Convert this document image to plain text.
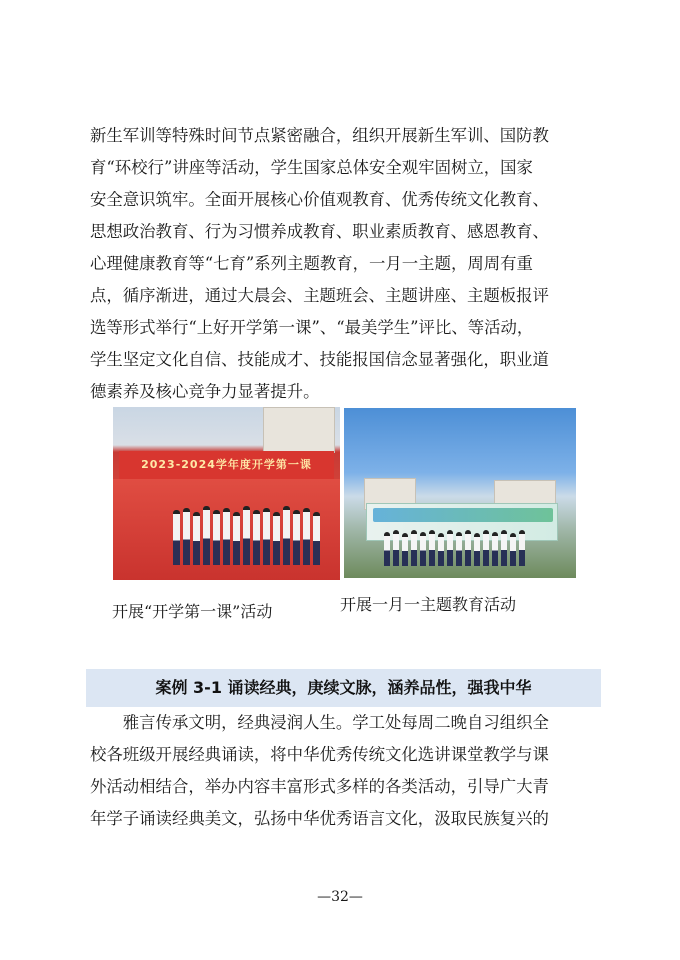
新生军训等特殊时间节点紧密融合，组织开展新生军训、国防教
育“环校行”讲座等活动，学生国家总体安全观牢固树立，国家
安全意识筑牢。全面开展核心价值观教育、优秀传统文化教育、
思想政治教育、行为习惯养成教育、职业素质教育、感恩教育、
心理健康教育等“七育”系列主题教育，一月一主题，周周有重
点，循序渐进，通过大晨会、主题班会、主题讲座、主题板报评
选等形式举行“上好开学第一课”、“最美学生”评比、等活动，
学生坚定文化自信、技能成才、技能报国信念显著强化，职业道
德素养及核心竞争力显著提升。
2023-2024学年度开学第一课
开展“开学第一课”活动	开展一月一主题教育活动
案例 3-1 诵读经典，庚续文脉，涵养品性，强我中华
　　雅言传承文明，经典浸润人生。学工处每周二晚自习组织全
校各班级开展经典诵读，将中华优秀传统文化选讲课堂教学与课
外活动相结合，举办内容丰富形式多样的各类活动，引导广大青
年学子诵读经典美文，弘扬中华优秀语言文化，汲取民族复兴的
—32—
